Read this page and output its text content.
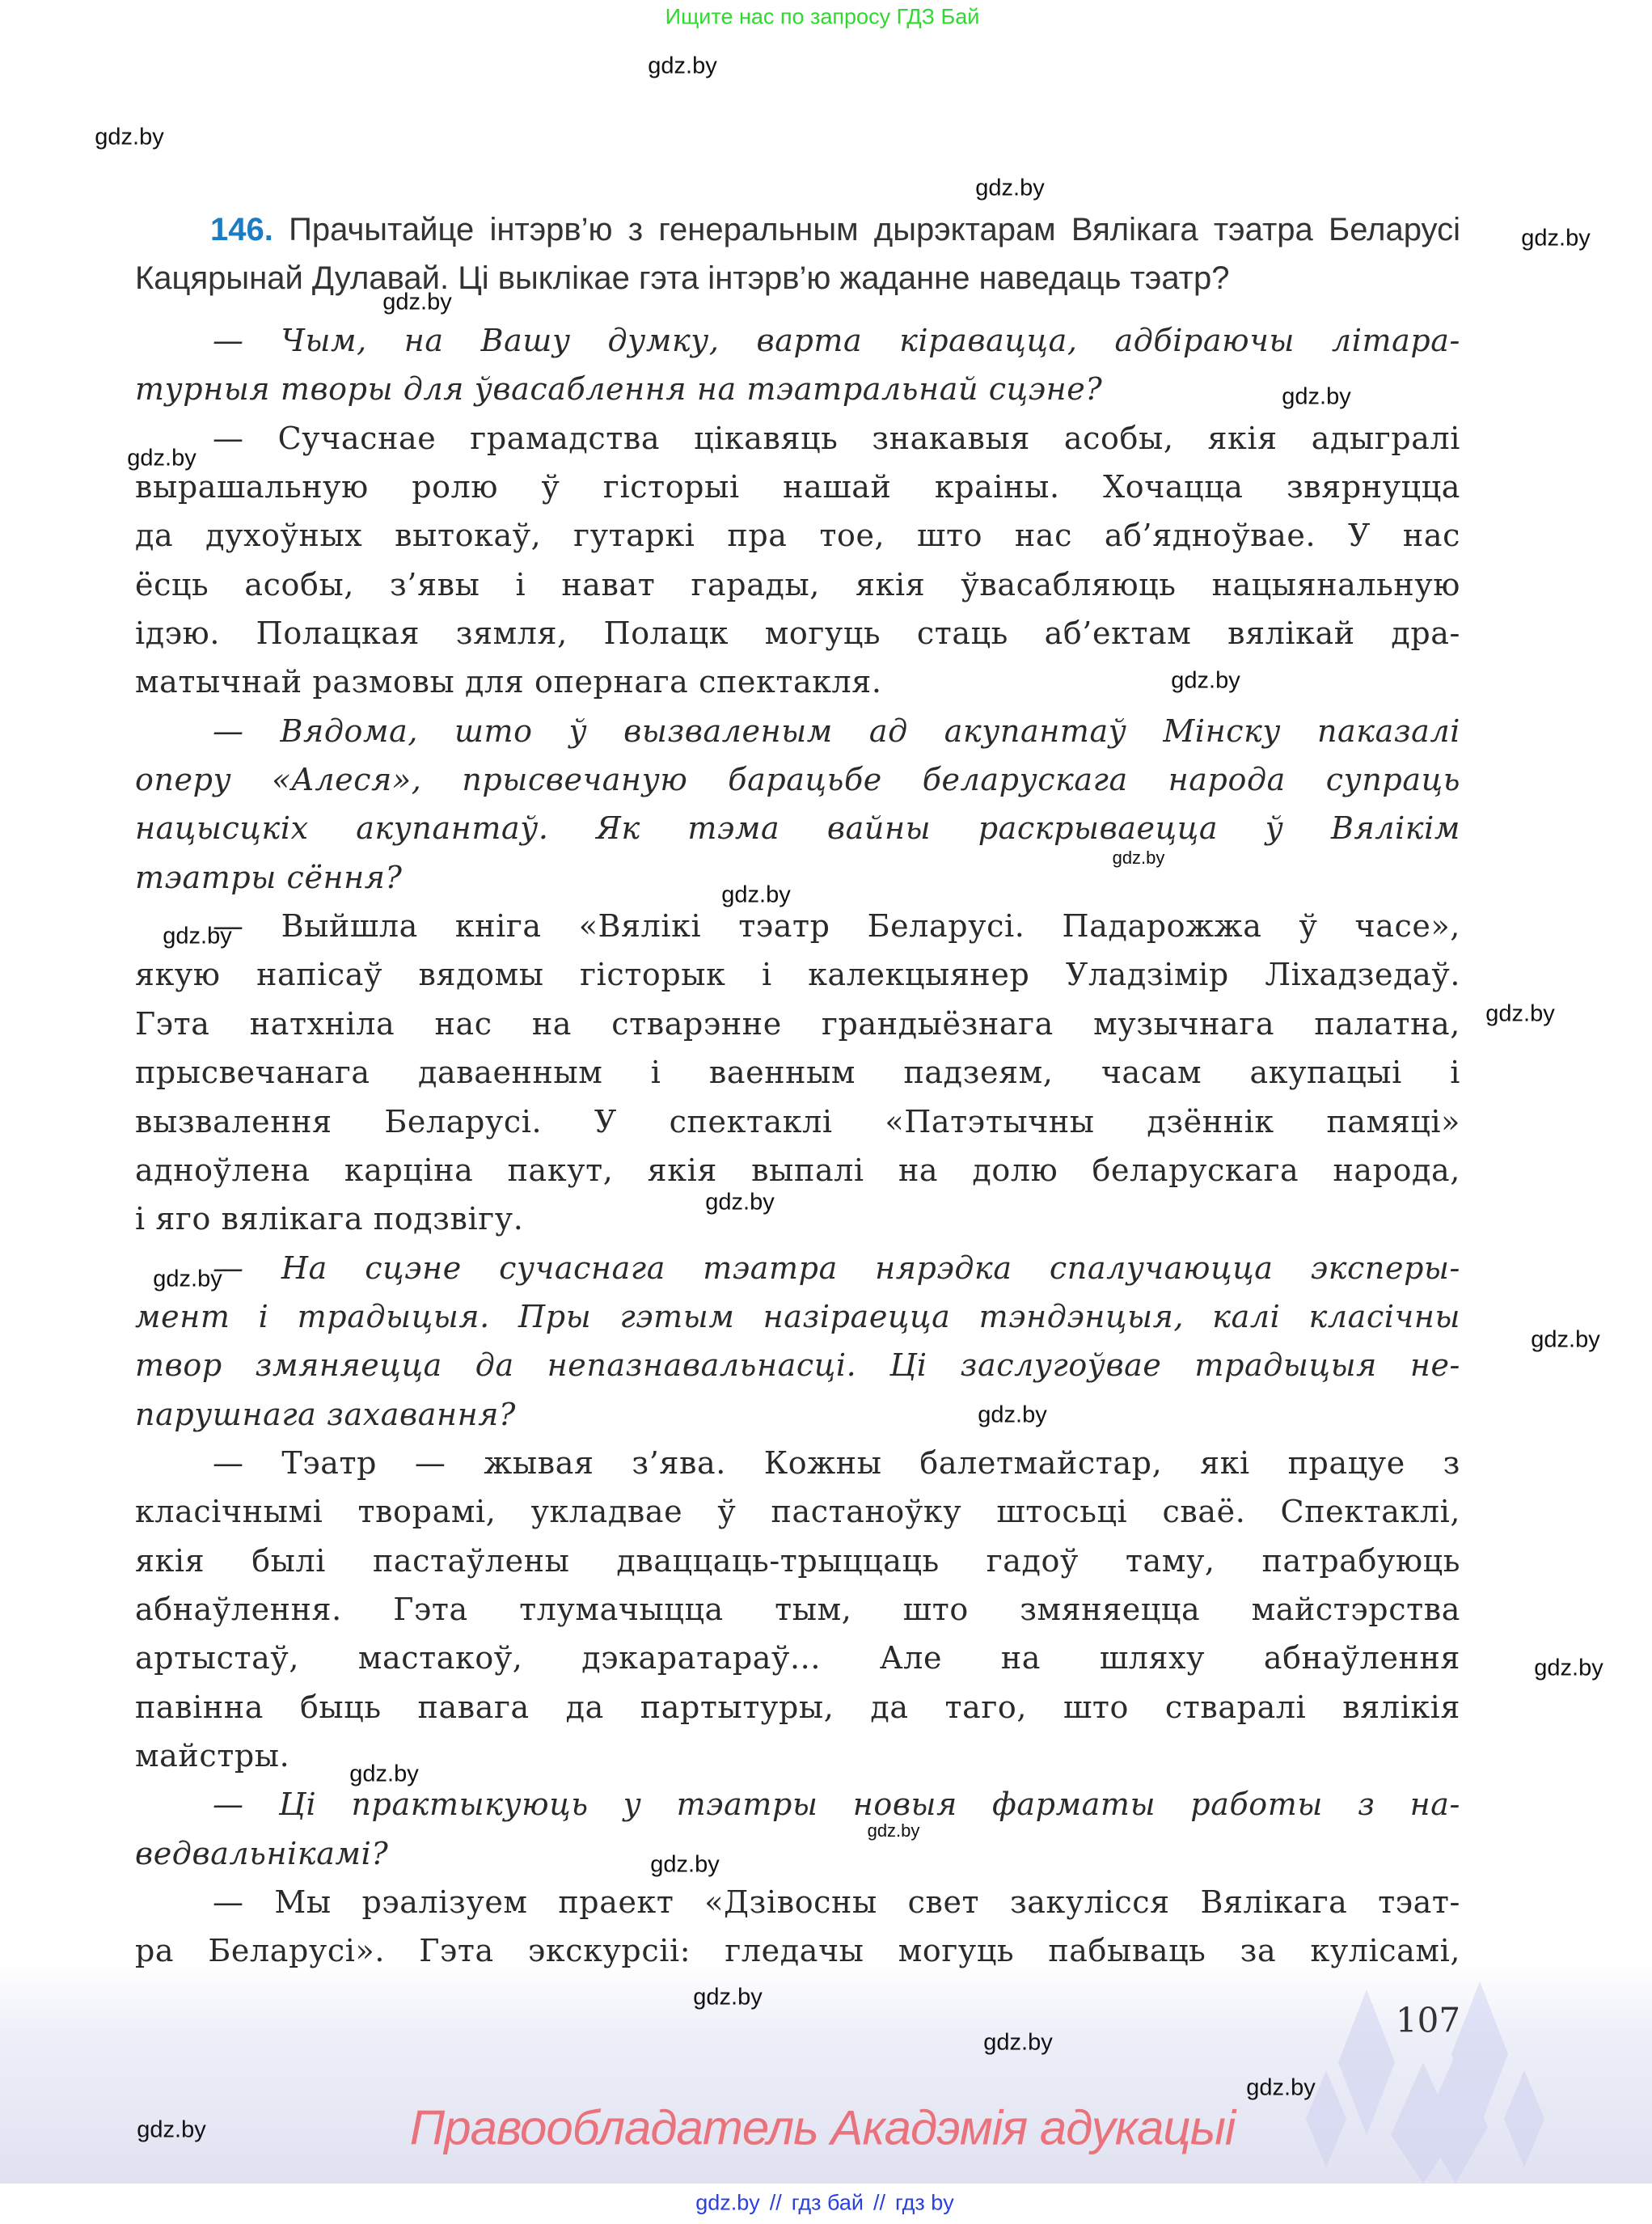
Ищите нас по запросу ГДЗ Бай
146. Прачытайце інтэрв’ю з генеральным дырэктарам Вялікага тэатра Беларусі
Кацярынай Дулавай. Ці выклікае гэта інтэрв’ю жаданне наведаць тэатр?
— Чым, на Вашу думку, варта кіравацца, адбіраючы літара-
турныя творы для ўвасаблення на тэатральнай сцэне?
— Сучаснае грамадства цікавяць знакавыя асобы, якія адыгралі
вырашальную ролю ў гісторыі нашай краіны. Хочацца звярнуцца
да духоўных вытокаў, гутаркі пра тое, што нас аб’ядноўвае. У нас
ёсць асобы, з’явы і нават гарады, якія ўвасабляюць нацыянальную
ідэю. Полацкая зямля, Полацк могуць стаць аб’ектам вялікай дра-
матычнай размовы для опернага спектакля.
— Вядома, што ў вызваленым ад акупантаў Мінску паказалі
оперу «Алеся», прысвечаную барацьбе беларускага народа супраць
нацысцкіх акупантаў. Як тэма вайны раскрываецца ў Вялікім
тэатры сёння?
— Выйшла кніга «Вялікі тэатр Беларусі. Падарожжа ў часе»,
якую напісаў вядомы гісторык і калекцыянер Уладзімір Ліхадзедаў.
Гэта натхніла нас на стварэнне грандыёзнага музычнага палатна,
прысвечанага даваенным і ваенным падзеям, часам акупацыі і
вызвалення Беларусі. У спектаклі «Патэтычны дзённік памяці»
адноўлена карціна пакут, якія выпалі на долю беларускага народа,
і яго вялікага подзвігу.
— На сцэне сучаснага тэатра нярэдка спалучаюцца эксперы-
мент і традыцыя. Пры гэтым назіраецца тэндэнцыя, калі класічны
твор змяняецца да непазнавальнасці. Ці заслугоўвае традыцыя не-
парушнага захавання?
— Тэатр — жывая з’ява. Кожны балетмайстар, які працуе з
класічнымі творамі, укладвае ў пастаноўку штосьці сваё. Спектаклі,
якія былі пастаўлены дваццаць-трыццаць гадоў таму, патрабуюць
абнаўлення. Гэта тлумачыцца тым, што змяняецца майстэрства
артыстаў, мастакоў, дэкаратараў... Але на шляху абнаўлення
павінна быць павага да партытуры, да таго, што стваралі вялікія
майстры.
— Ці практыкуюць у тэатры новыя фарматы работы з на-
ведвальнікамі?
— Мы рэалізуем праект «Дзівосны свет закулісся Вялікага тэат-
ра Беларусі». Гэта экскурсіі: гледачы могуць пабываць за кулісамі,
gdz.by
gdz.by
gdz.by
gdz.by
gdz.by
gdz.by
gdz.by
gdz.by
gdz.by
gdz.by
gdz.by
gdz.by
gdz.by
gdz.by
gdz.by
gdz.by
gdz.by
gdz.by
gdz.by
gdz.by
gdz.by
gdz.by
gdz.by
gdz.by
107
Правообладатель Акадэмія адукацыі
gdz.by // гдз бай // гдз by
